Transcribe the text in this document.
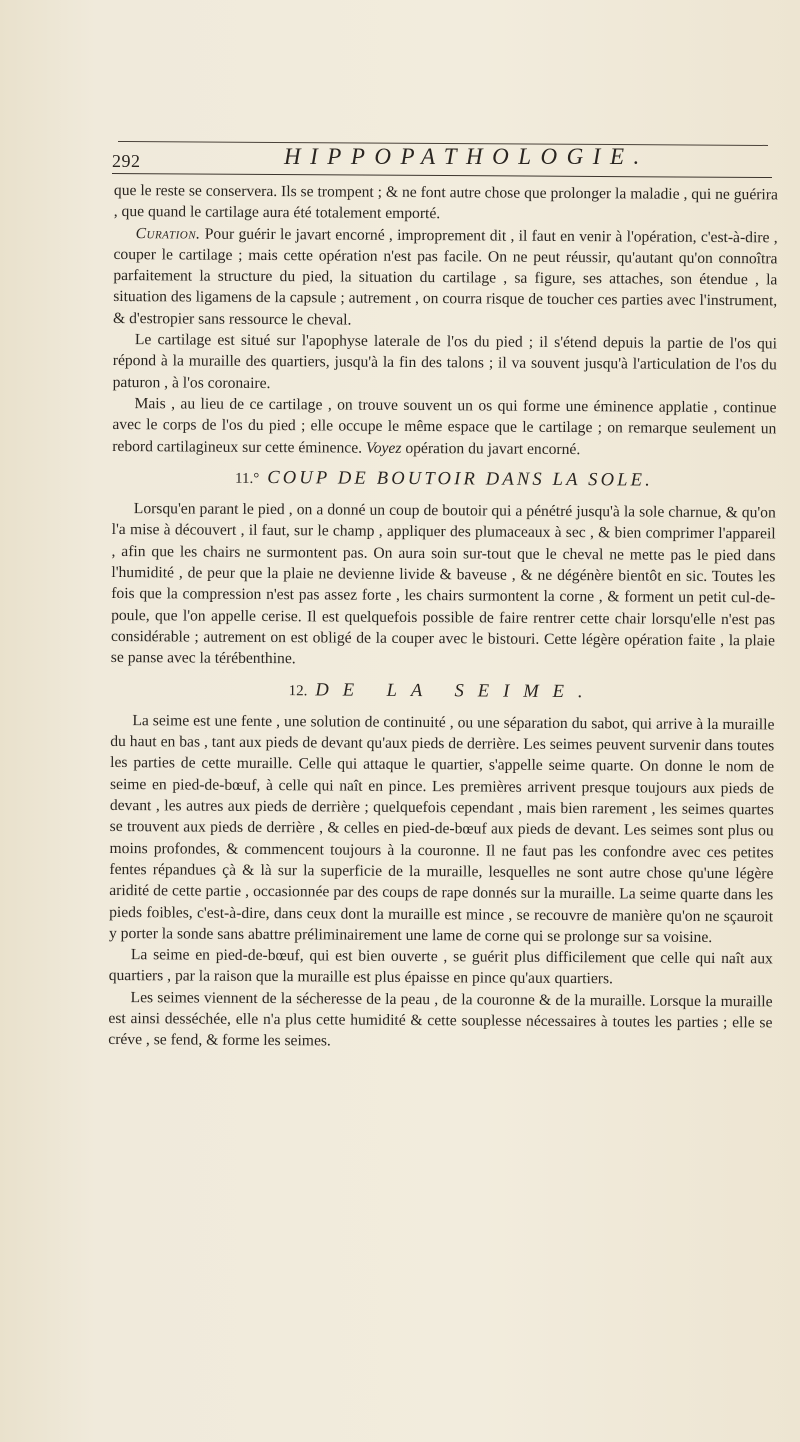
292	HIPPOPATHOLOGIE.

que le reste se conservera. Ils se trompent ; & ne font autre chose que prolonger la maladie , qui ne guérira , que quand le cartilage aura été totalement emporté.

Curation. Pour guérir le javart encorné , improprement dit , il faut en venir à l'opération, c'est-à-dire , couper le cartilage ; mais cette opération n'est pas facile. On ne peut réussir, qu'autant qu'on connoîtra parfaitement la structure du pied, la situation du cartilage , sa figure, ses attaches, son étendue , la situation des ligamens de la capsule ; autrement , on courra risque de toucher ces parties avec l'instrument, & d'estropier sans ressource le cheval.

Le cartilage est situé sur l'apophyse laterale de l'os du pied ; il s'étend depuis la partie de l'os qui répond à la muraille des quartiers, jusqu'à la fin des talons ; il va souvent jusqu'à l'articulation de l'os du paturon , à l'os coronaire.

Mais , au lieu de ce cartilage , on trouve souvent un os qui forme une éminence applatie , continue avec le corps de l'os du pied ; elle occupe le même espace que le cartilage ; on remarque seulement un rebord cartilagineux sur cette éminence. Voyez opération du javart encorné.

11.° COUP DE BOUTOIR DANS LA SOLE.

Lorsqu'en parant le pied , on a donné un coup de boutoir qui a pénétré jusqu'à la sole charnue, & qu'on l'a mise à découvert , il faut, sur le champ , appliquer des plumaceaux à sec , & bien comprimer l'appareil , afin que les chairs ne surmontent pas. On aura soin sur-tout que le cheval ne mette pas le pied dans l'humidité , de peur que la plaie ne devienne livide & baveuse , & ne dégénère bientôt en sic. Toutes les fois que la compression n'est pas assez forte , les chairs surmontent la corne , & forment un petit cul-de-poule, que l'on appelle cerise. Il est quelquefois possible de faire rentrer cette chair lorsqu'elle n'est pas considérable ; autrement on est obligé de la couper avec le bistouri. Cette légère opération faite , la plaie se panse avec la térébenthine.

12. DE LA SEIME.

La seime est une fente , une solution de continuité , ou une séparation du sabot, qui arrive à la muraille du haut en bas , tant aux pieds de devant qu'aux pieds de derrière. Les seimes peuvent survenir dans toutes les parties de cette muraille. Celle qui attaque le quartier, s'appelle seime quarte. On donne le nom de seime en pied-de-bœuf, à celle qui naît en pince. Les premières arrivent presque toujours aux pieds de devant , les autres aux pieds de derrière ; quelquefois cependant , mais bien rarement , les seimes quartes se trouvent aux pieds de derrière , & celles en pied-de-bœuf aux pieds de devant. Les seimes sont plus ou moins profondes, & commencent toujours à la couronne. Il ne faut pas les confondre avec ces petites fentes répandues çà & là sur la superficie de la muraille, lesquelles ne sont autre chose qu'une légère aridité de cette partie , occasionnée par des coups de rape donnés sur la muraille. La seime quarte dans les pieds foibles, c'est-à-dire, dans ceux dont la muraille est mince , se recouvre de manière qu'on ne sçauroit y porter la sonde sans abattre préliminairement une lame de corne qui se prolonge sur sa voisine.

La seime en pied-de-bœuf, qui est bien ouverte , se guérit plus difficilement que celle qui naît aux quartiers , par la raison que la muraille est plus épaisse en pince qu'aux quartiers.

Les seimes viennent de la sécheresse de la peau , de la couronne & de la muraille. Lorsque la muraille est ainsi desséchée, elle n'a plus cette humidité & cette souplesse nécessaires à toutes les parties ; elle se créve , se fend, & forme les seimes.
